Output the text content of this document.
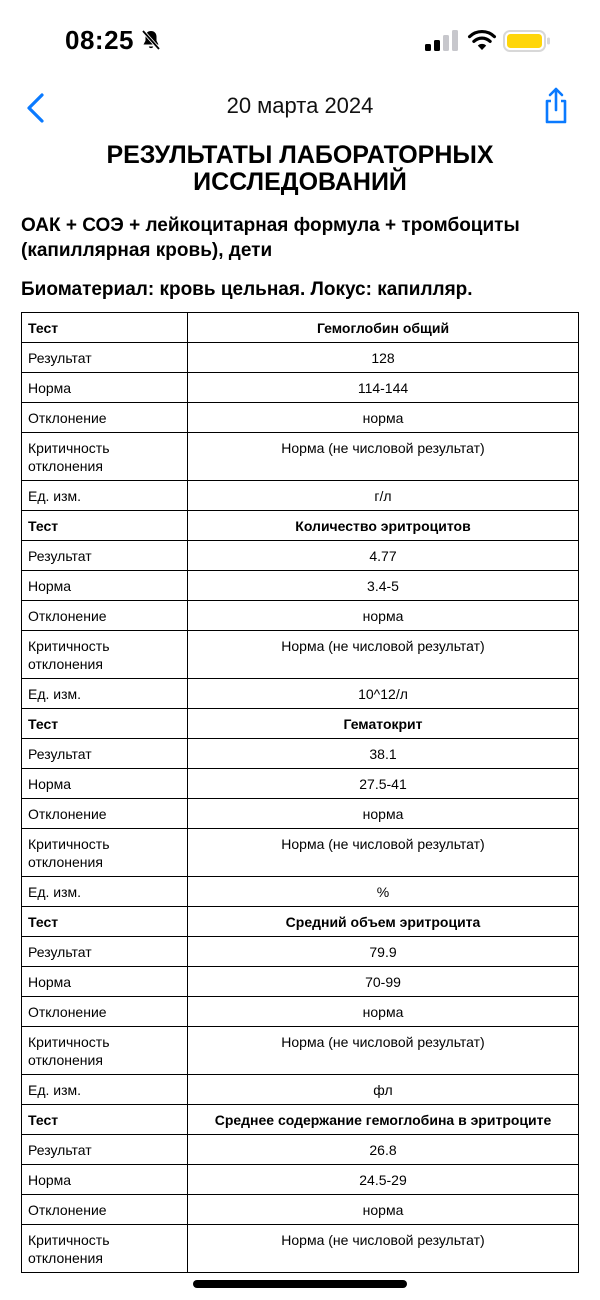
08:25
20 марта 2024
РЕЗУЛЬТАТЫ ЛАБОРАТОРНЫХ ИССЛЕДОВАНИЙ
ОАК + СОЭ + лейкоцитарная формула + тромбоциты (капиллярная кровь), дети
Биоматериал: кровь цельная. Локус: капилляр.
Тест	Гемоглобин общий
Результат	128
Норма	114-144
Отклонение	норма
Критичность отклонения	Норма (не числовой результат)
Ед. изм.	г/л
Тест	Количество эритроцитов
Результат	4.77
Норма	3.4-5
Отклонение	норма
Критичность отклонения	Норма (не числовой результат)
Ед. изм.	10^12/л
Тест	Гематокрит
Результат	38.1
Норма	27.5-41
Отклонение	норма
Критичность отклонения	Норма (не числовой результат)
Ед. изм.	%
Тест	Средний объем эритроцита
Результат	79.9
Норма	70-99
Отклонение	норма
Критичность отклонения	Норма (не числовой результат)
Ед. изм.	фл
Тест	Среднее содержание гемоглобина в эритроците
Результат	26.8
Норма	24.5-29
Отклонение	норма
Критичность отклонения	Норма (не числовой результат)
